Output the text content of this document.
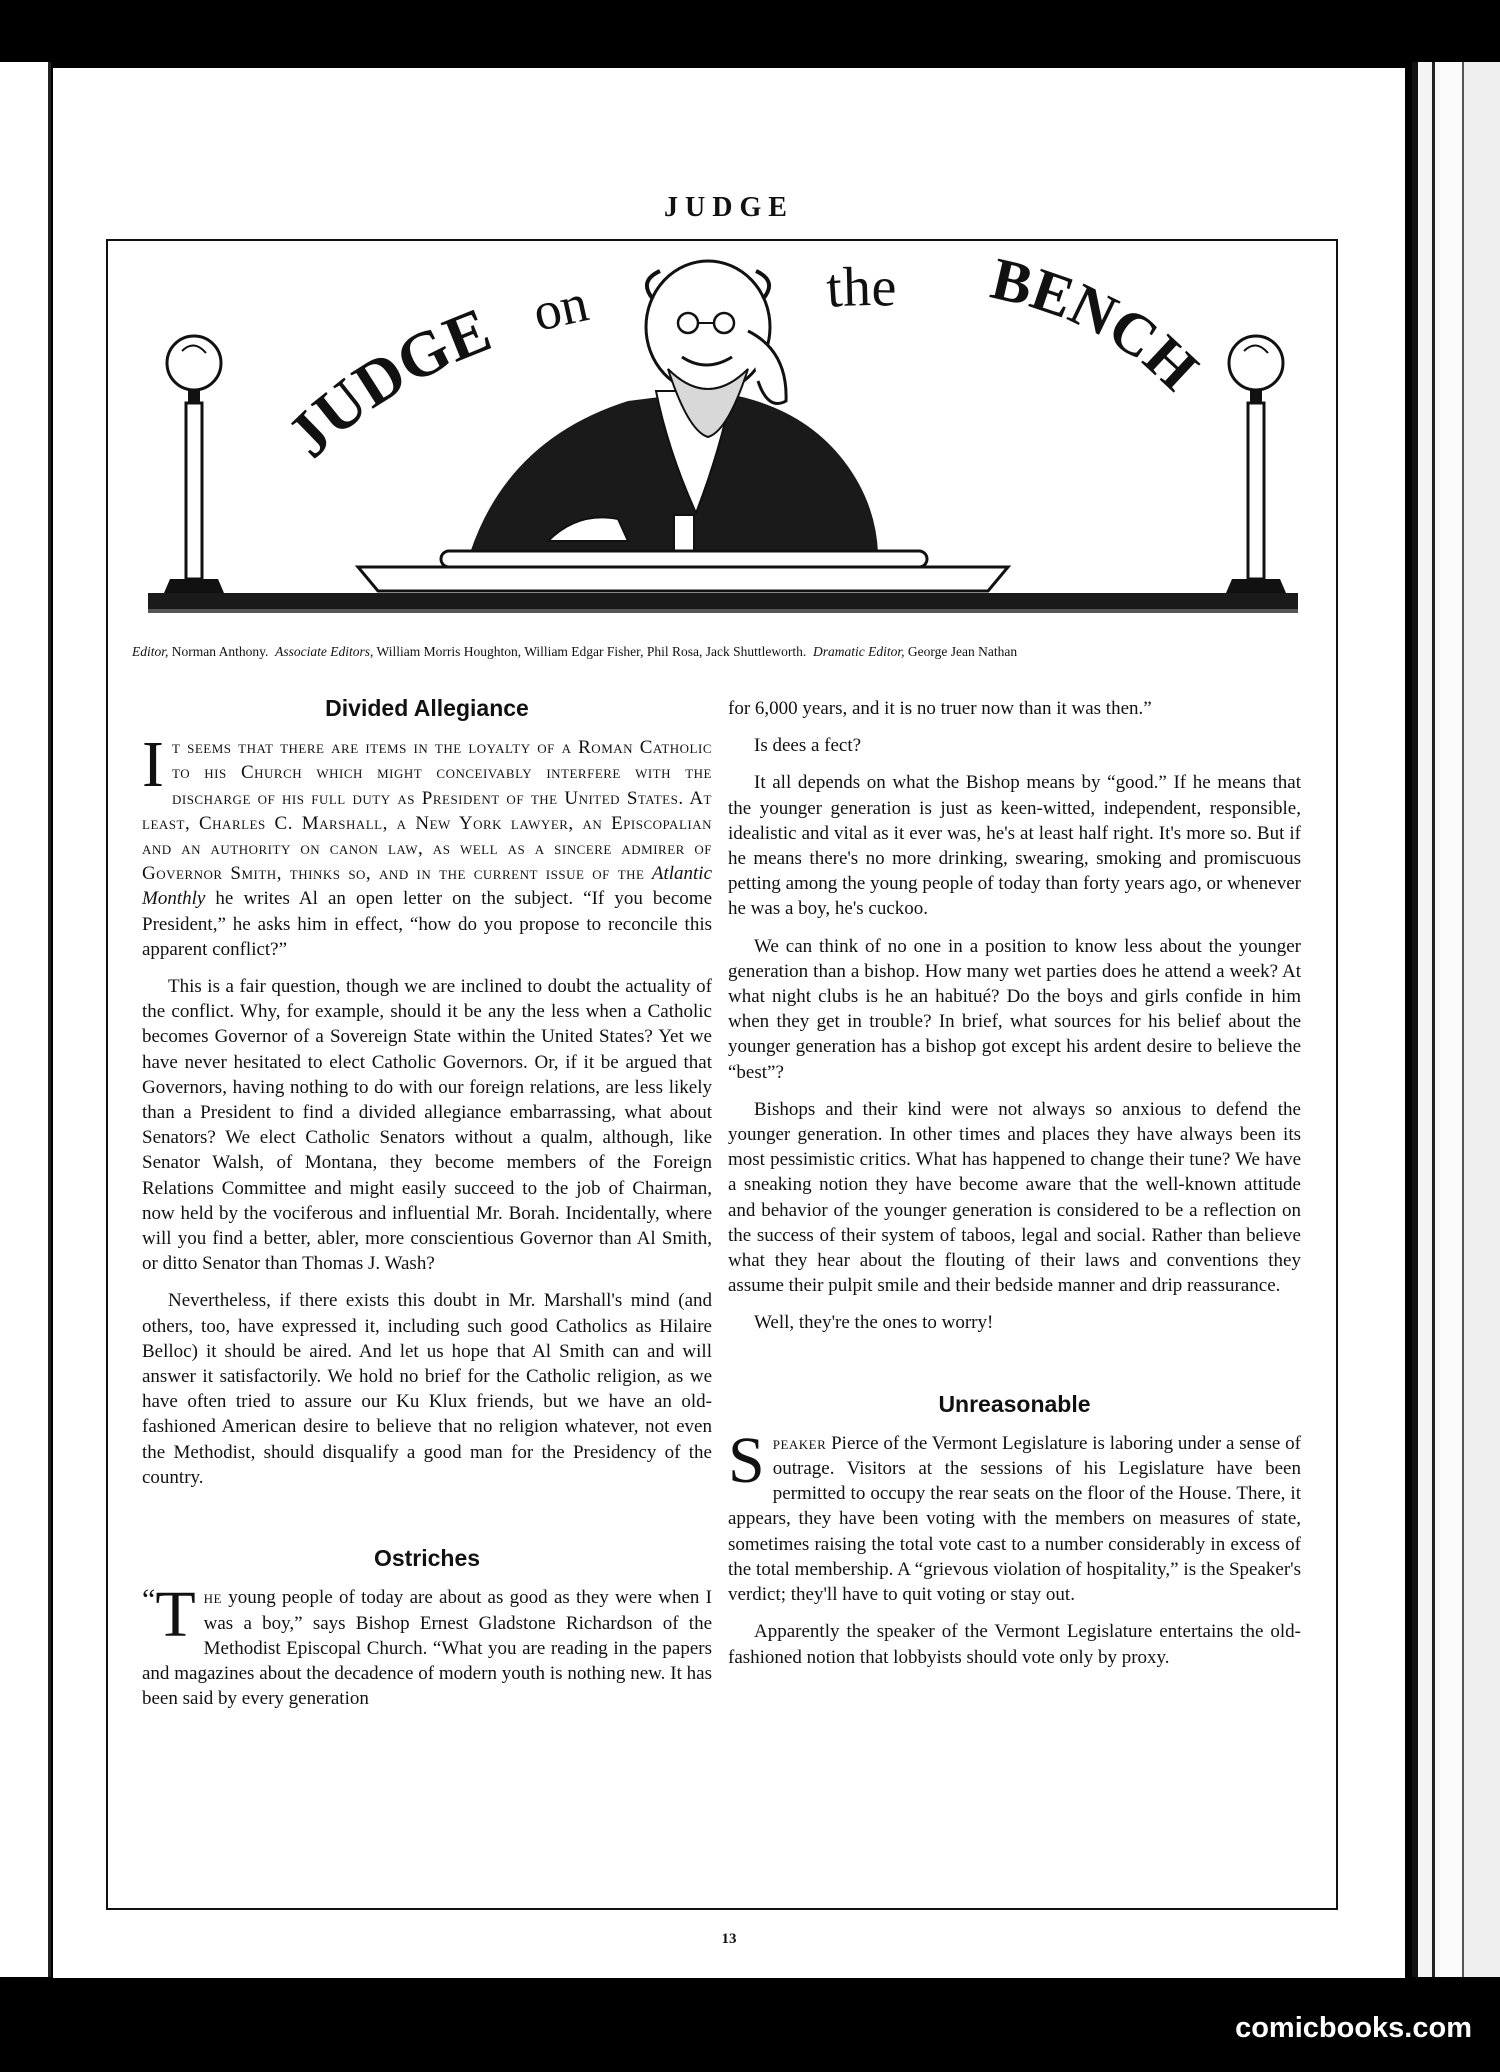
JUDGE
JUDGE on	the BENCH
Editor, Norman Anthony. Associate Editors, William Morris Houghton, William Edgar Fisher, Phil Rosa, Jack Shuttleworth. Dramatic Editor, George Jean Nathan
Divided Allegiance

It seems that there are items in the loyalty of a Roman Catholic to his Church which might conceivably interfere with the discharge of his full duty as President of the United States. At least, Charles C. Marshall, a New York lawyer, an Episcopalian and an authority on canon law, as well as a sincere admirer of Governor Smith, thinks so, and in the current issue of the Atlantic Monthly he writes Al an open letter on the subject. “If you become President,” he asks him in effect, “how do you propose to reconcile this apparent conflict?”

This is a fair question, though we are inclined to doubt the actuality of the conflict. Why, for example, should it be any the less when a Catholic becomes Governor of a Sovereign State within the United States? Yet we have never hesitated to elect Catholic Governors. Or, if it be argued that Governors, having nothing to do with our foreign relations, are less likely than a President to find a divided allegiance embarrassing, what about Senators? We elect Catholic Senators without a qualm, although, like Senator Walsh, of Montana, they become members of the Foreign Relations Committee and might easily succeed to the job of Chairman, now held by the vociferous and influential Mr. Borah. Incidentally, where will you find a better, abler, more conscientious Governor than Al Smith, or ditto Senator than Thomas J. Wash?

Nevertheless, if there exists this doubt in Mr. Marshall's mind (and others, too, have expressed it, including such good Catholics as Hilaire Belloc) it should be aired. And let us hope that Al Smith can and will answer it satisfactorily. We hold no brief for the Catholic religion, as we have often tried to assure our Ku Klux friends, but we have an old-fashioned American desire to believe that no religion whatever, not even the Methodist, should disqualify a good man for the Presidency of the country.

Ostriches

“ T he young people of today are about as good as they were when I was a boy,” says Bishop Ernest Gladstone Richardson of the Methodist Episcopal Church. “What you are reading in the papers and magazines about the decadence of modern youth is nothing new. It has been said by every generation

for 6,000 years, and it is no truer now than it was then.”

Is dees a fect?

It all depends on what the Bishop means by “good.” If he means that the younger generation is just as keen-witted, independent, responsible, idealistic and vital as it ever was, he's at least half right. It's more so. But if he means there's no more drinking, swearing, smoking and promiscuous petting among the young people of today than forty years ago, or whenever he was a boy, he's cuckoo.

We can think of no one in a position to know less about the younger generation than a bishop. How many wet parties does he attend a week? At what night clubs is he an habitué? Do the boys and girls confide in him when they get in trouble? In brief, what sources for his belief about the younger generation has a bishop got except his ardent desire to believe the “best”?

Bishops and their kind were not always so anxious to defend the younger generation. In other times and places they have always been its most pessimistic critics. What has happened to change their tune? We have a sneaking notion they have become aware that the well-known attitude and behavior of the younger generation is considered to be a reflection on the success of their system of taboos, legal and social. Rather than believe what they hear about the flouting of their laws and conventions they assume their pulpit smile and their bedside manner and drip reassurance.

Well, they're the ones to worry!

Unreasonable

Speaker Pierce of the Vermont Legislature is laboring under a sense of outrage. Visitors at the sessions of his Legislature have been permitted to occupy the rear seats on the floor of the House. There, it appears, they have been voting with the members on measures of state, sometimes raising the total vote cast to a number considerably in excess of the total membership. A “grievous violation of hospitality,” is the Speaker's verdict; they'll have to quit voting or stay out.

Apparently the speaker of the Vermont Legislature entertains the old-fashioned notion that lobbyists should vote only by proxy.

13
comicbooks.com
